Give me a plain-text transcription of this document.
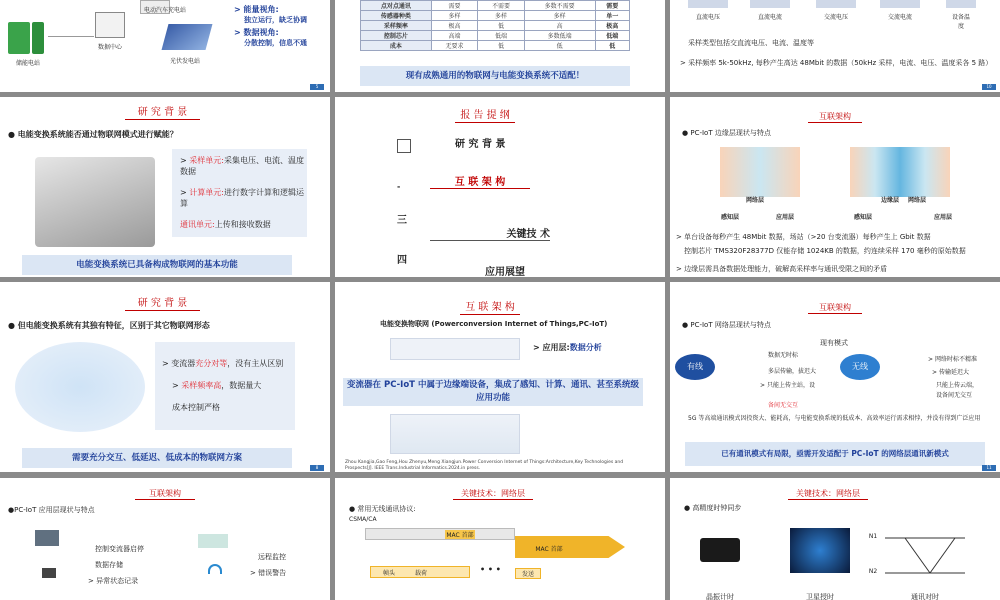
储能电站
数据中心
电动汽车充电站
光伏发电站
> 能量视角:
独立运行，缺乏协调
> 数据视角:
分散控制，信息不通
5
点对点通讯	需要	不需要	多数不需要	需要
传感器种类	多样	多样	多样	单一
采样频率	极高	低	高	极高
控制芯片	高端	低端	多数低端	低端
成本	无要求	低	低	低
现有成熟通用的物联网与电能变换系统不适配！
直流电压	直流电流	交流电压	交流电流	设备温度
采样类型包括交直流电压、电流、温度等
> 采样频率 5k-50kHz, 每秒产生高达 48Mbit 的数据（50kHz 采样，电流、电压、温度采各 5 路）
10
研 究 背 景
● 电能变换系统能否通过物联网模式进行赋能？
> 采样单元:采集电压、电流、温度数据
> 计算单元:进行数字计算和逻辑运算
通讯单元:上传和接收数据
电能变换系统已具备构成物联网的基本功能
报 告 提 纲
研 究 背 景
-	互 联 架 构
三
关键技 术
四
应用展望
互联架构
● PC-IoT 边缘层现状与特点
感知层
网络层
应用层	感知层
边缘层	网络层
应用层
> 单台设备每秒产生 48Mbit 数据，场站（>20 台变流器）每秒产生上 Gbit 数据
控制芯片 TMS320F28377D 仅能存储 1024KB 的数据，约连续采样 170 毫秒的原始数据
> 边缘层需具备数据处理能力，破解高采样率与通讯受限之间的矛盾
研 究 背 景
● 但电能变换系统有其独有特征，区别于其它物联网形态
> 变流器充分对等，没有主从区别
> 采样频率高，数据量大
成本控制严格
需要充分交互、低延迟、低成本的物联网方案
8
互 联 架 构
电能变换物联网 (Powerconversion Internet of Things,PC-IoT)
> 应用层:数据分析
变流器在 PC-IoT 中属于边缘端设备，集成了感知、计算、通讯、甚至系统级应用功能
Zhou Kangjia,Gao Feng,Hou Zhenyu,Meng Xiangjun.Power Conversion Internet of Things:Architecture,Key Technologies and Prospects[J]. IEEE Trans.Industrial Informatics.2024.in press.
互联架构
● PC-IoT 网络层现状与特点
现有模式
有线
数据无时标
多层传输，拔迟大
> 只能上传主站，设
备间无交互
无线
> 网络时标不精准
> 传输延迟大
只能上传云端，
设备间无交互
5G 等高端通讯模式因投资大、能耗高，与电能变换系统的低成本、高效率运行需求相悖，并没有得到广泛应用
已有通讯模式有局限，亟需开发适配于 PC-IoT 的网络层通讯新模式
11
互联架构
●PC-IoT 应用层现状与特点
控制变流器启停
数据存储
> 异常状态记录
远程监控
> 错误警告
关键技术：网络层
● 常用无线通讯协议:
CSMA/CA
MAC 首部
MAC 首部
帧头	载荷	• • •
发送
关键技术：网络层
● 高精度时钟同步
N1
N2
晶振计时	卫星授时	通讯对时
